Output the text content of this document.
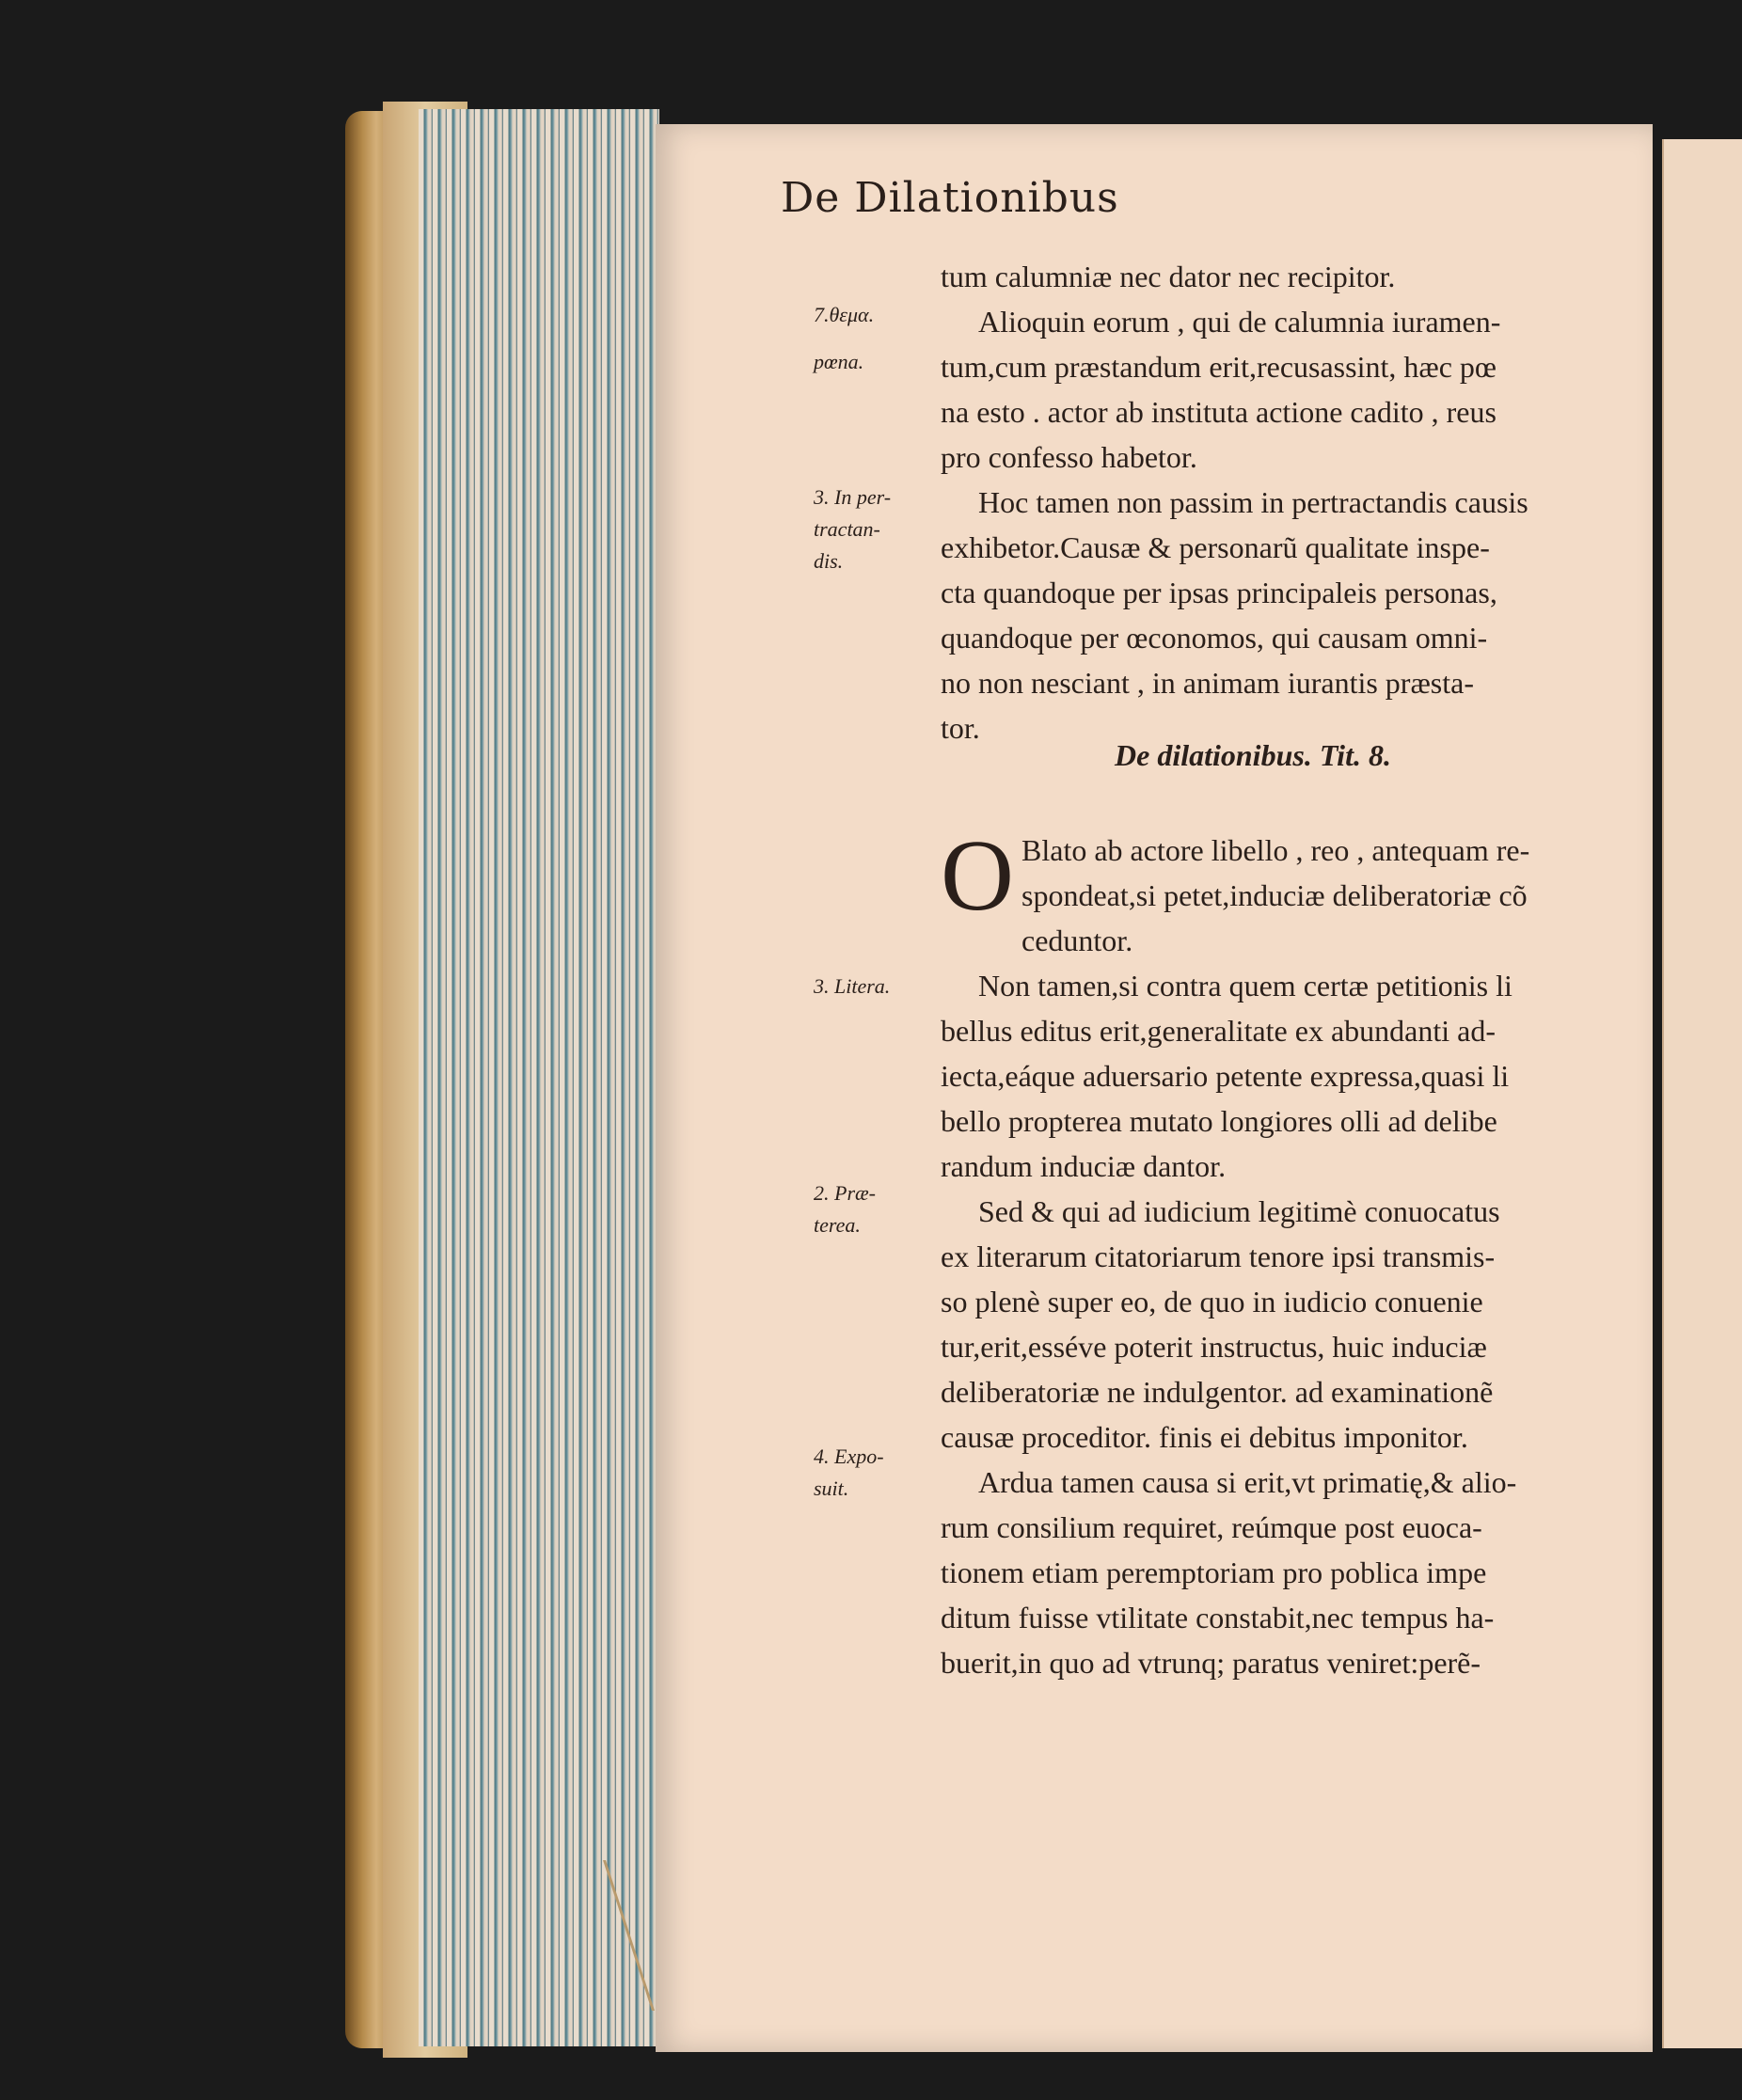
De Dilationibus
7.θεμα.
pœna.
3. In per-
tractan-
dis.
3. Litera.
2. Præ-
terea.
4. Expo-
suit.

tum calumniæ nec dator nec recipitor.

Alioquin eorum , qui de calumnia iuramen-

tum,cum præstandum erit,recusassint, hæc pœ

na esto . actor ab instituta actione cadito , reus

pro confesso habetor.

Hoc tamen non passim in pertractandis causis

exhibetor.Causæ & personarũ qualitate inspe-

cta quandoque per ipsas principaleis personas,

quandoque per œconomos, qui causam omni-

no non nesciant , in animam iurantis præsta-

tor.

De dilationibus. Tit. 8.
O Blato ab actore libello , reo , antequam re-

spondeat,si petet,induciæ deliberatoriæ cõ

ceduntor.

Non tamen,si contra quem certæ petitionis li

bellus editus erit,generalitate ex abundanti ad-

iecta,eáque aduersario petente expressa,quasi li

bello propterea mutato longiores olli ad delibe

randum induciæ dantor.

Sed & qui ad iudicium legitimè conuocatus

ex literarum citatoriarum tenore ipsi transmis-

so plenè super eo, de quo in iudicio conuenie

tur,erit,esséve poterit instructus, huic induciæ

deliberatoriæ ne indulgentor. ad examinationẽ

causæ proceditor. finis ei debitus imponitor.

Ardua tamen causa si erit,vt primatię,& alio-

rum consilium requiret, reúmque post euoca-

tionem etiam peremptoriam pro poblica impe

ditum fuisse vtilitate constabit,nec tempus ha-

buerit,in quo ad vtrunq; paratus veniret:perẽ-
